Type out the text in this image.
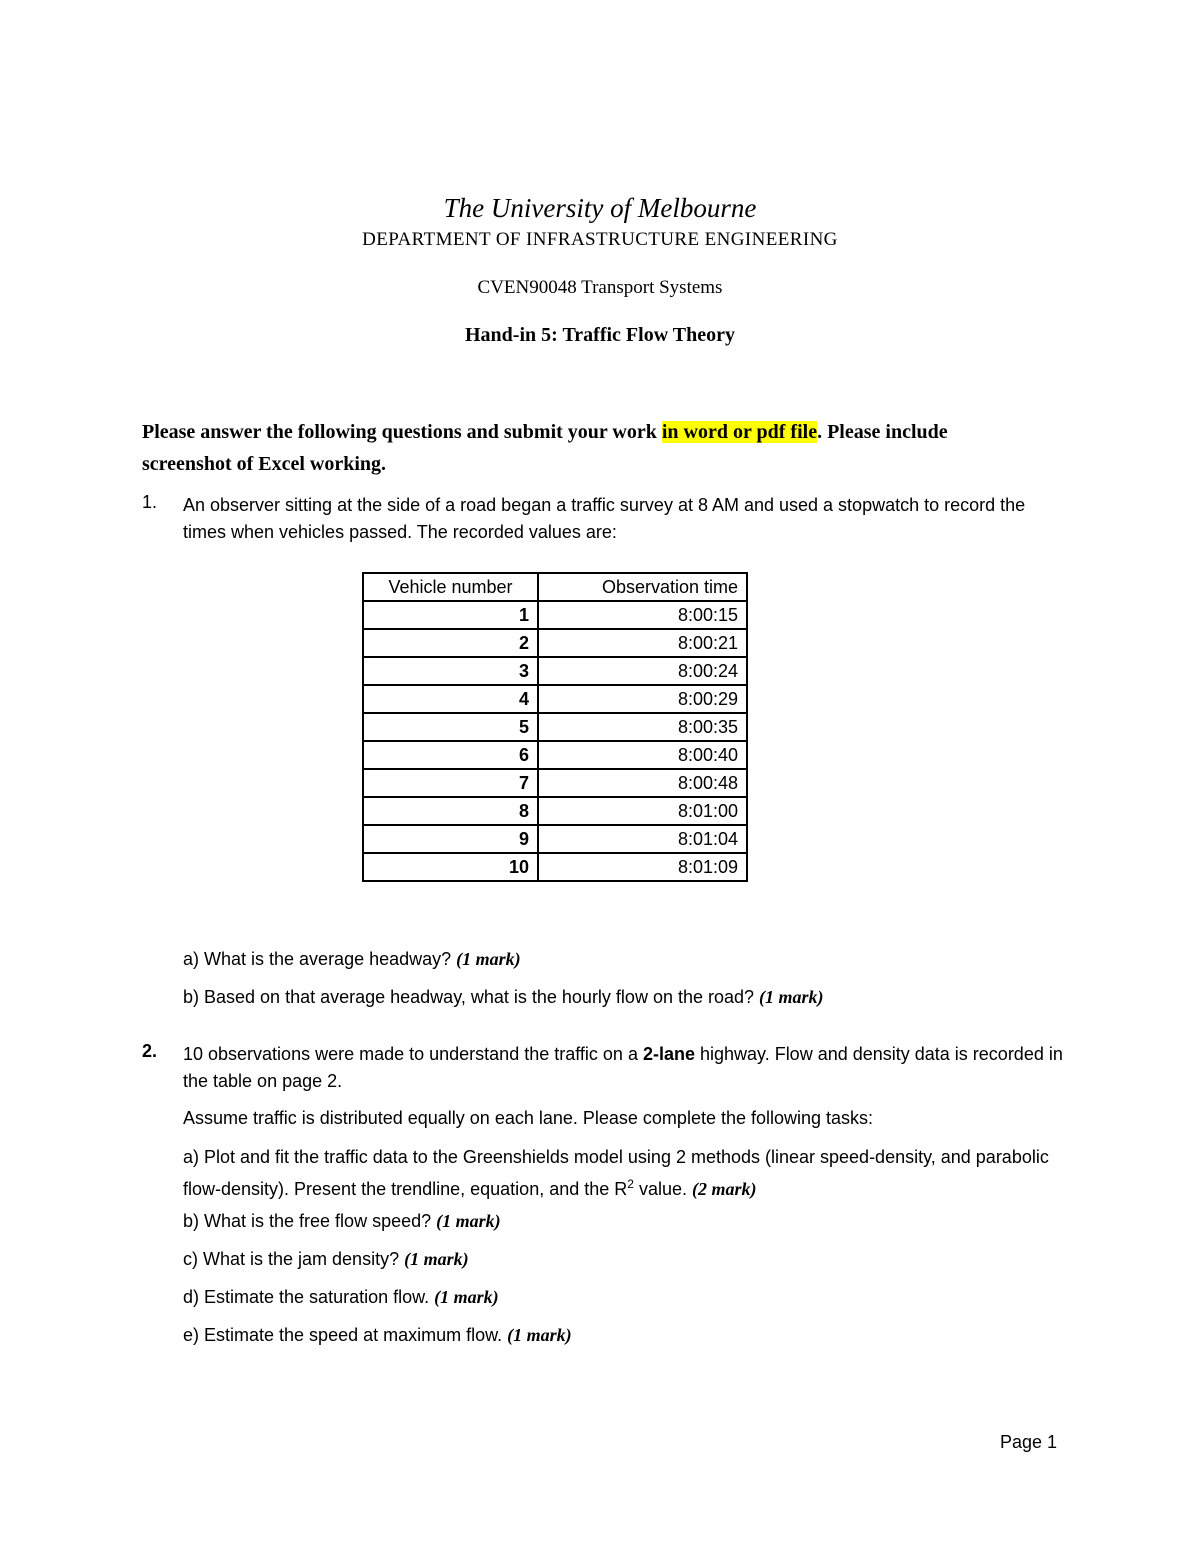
The University of Melbourne
DEPARTMENT OF INFRASTRUCTURE ENGINEERING
CVEN90048 Transport Systems
Hand-in 5: Traffic Flow Theory
Please answer the following questions and submit your work in word or pdf file. Please include screenshot of Excel working.
1. An observer sitting at the side of a road began a traffic survey at 8 AM and used a stopwatch to record the times when vehicles passed. The recorded values are:
Vehicle number	Observation time
1	8:00:15
2	8:00:21
3	8:00:24
4	8:00:29
5	8:00:35
6	8:00:40
7	8:00:48
8	8:01:00
9	8:01:04
10	8:01:09
a) What is the average headway? (1 mark)
b) Based on that average headway, what is the hourly flow on the road? (1 mark)
2. 10 observations were made to understand the traffic on a 2-lane highway. Flow and density data is recorded in the table on page 2.
Assume traffic is distributed equally on each lane. Please complete the following tasks:
a) Plot and fit the traffic data to the Greenshields model using 2 methods (linear speed-density, and parabolic flow-density). Present the trendline, equation, and the $R^2$ value. (2 mark)
b) What is the free flow speed? (1 mark)
c) What is the jam density? (1 mark)
d) Estimate the saturation flow. (1 mark)
e) Estimate the speed at maximum flow. (1 mark)
Page 1
